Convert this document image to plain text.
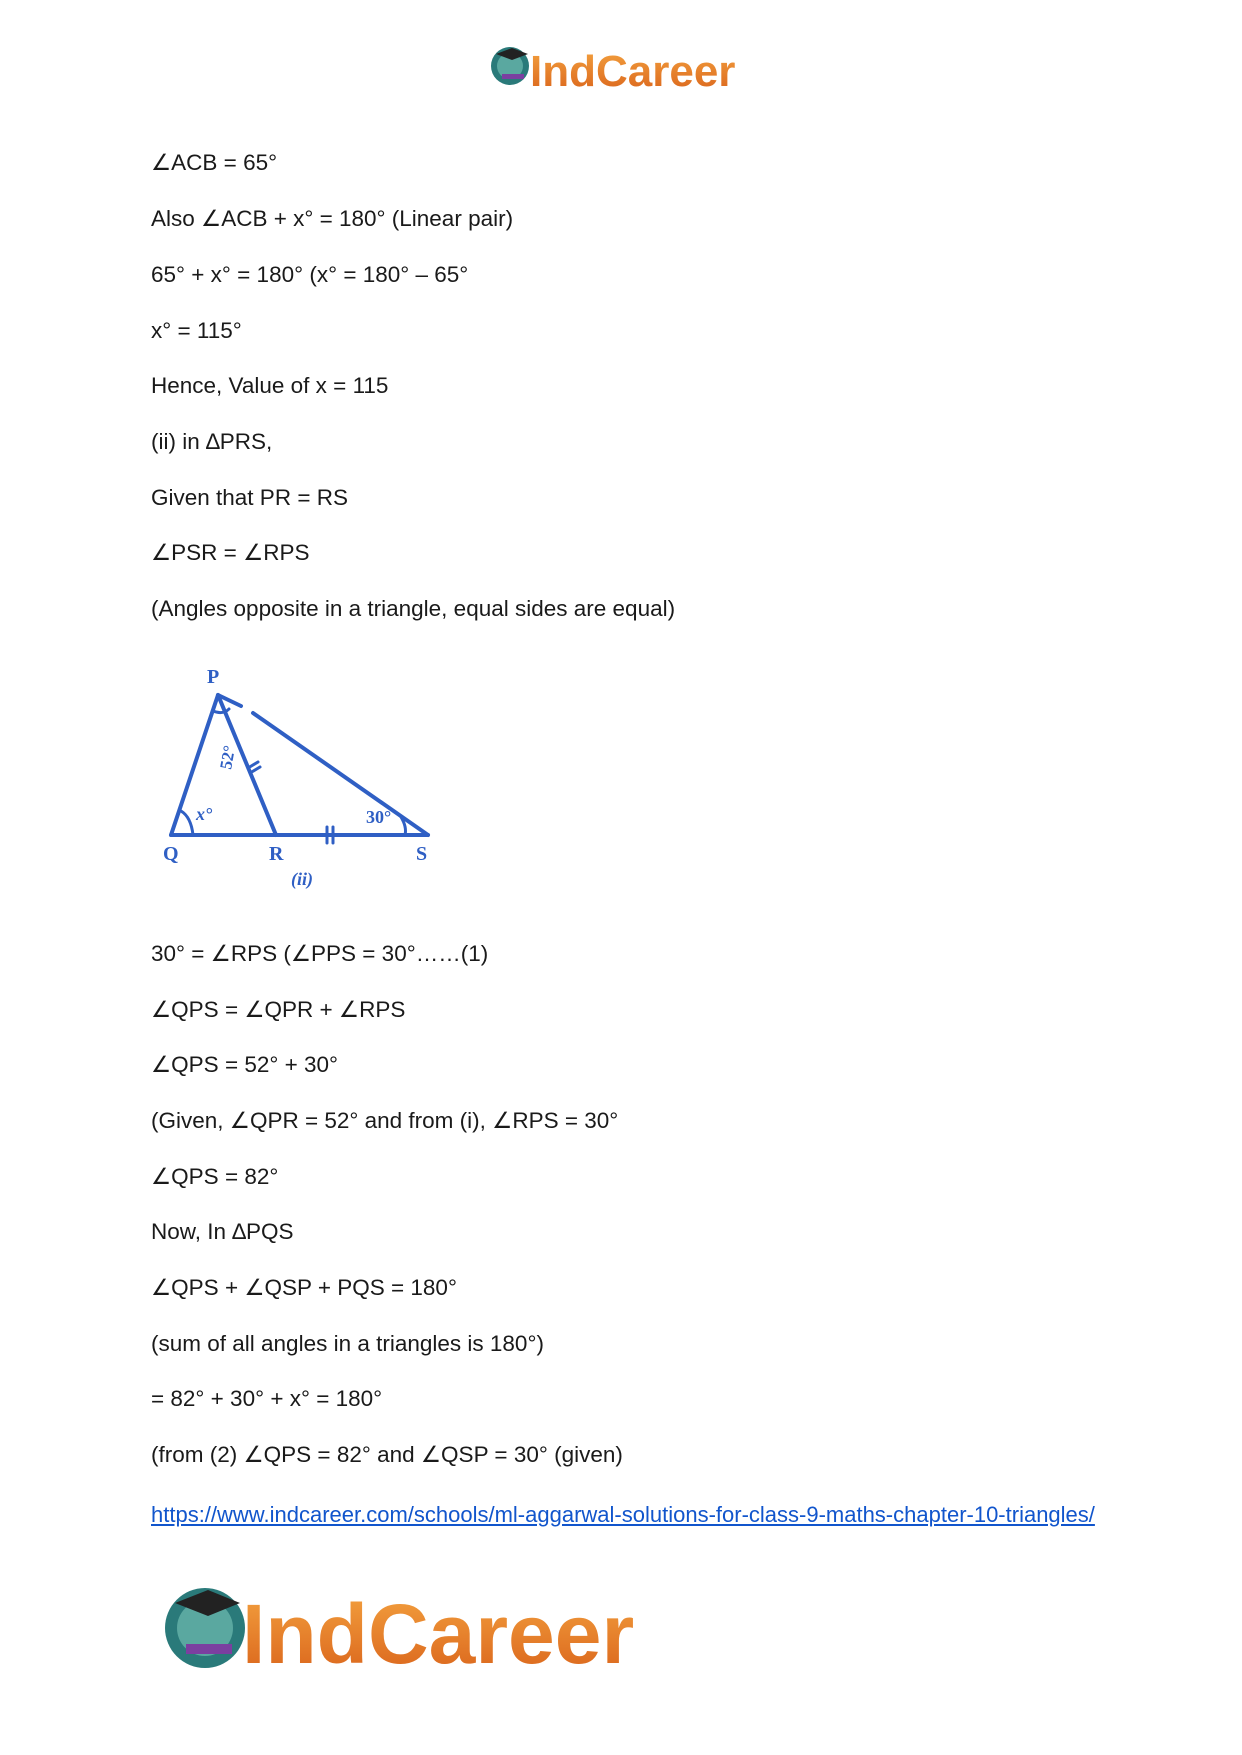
IndCareer
∠ACB = 65°
Also ∠ACB + x° = 180° (Linear pair)
65° + x° = 180° (x° = 180° – 65°
x° = 115°
Hence, Value of x = 115
(ii) in ∆PRS,
Given that PR = RS
∠PSR = ∠RPS
(Angles opposite in a triangle, equal sides are equal)
P
Q	R	S
52°
x°	30°
(ii)
30° = ∠RPS (∠PPS = 30°……(1)
∠QPS = ∠QPR + ∠RPS
∠QPS = 52° + 30°
(Given, ∠QPR = 52° and from (i), ∠RPS = 30°
∠QPS = 82°
Now, In ∆PQS
∠QPS + ∠QSP + PQS = 180°
(sum of all angles in a triangles is 180°)
= 82° + 30° + x° = 180°
(from (2) ∠QPS = 82° and ∠QSP = 30° (given)
https://www.indcareer.com/schools/ml-aggarwal-solutions-for-class-9-maths-chapter-10-triangles/
IndCareer
